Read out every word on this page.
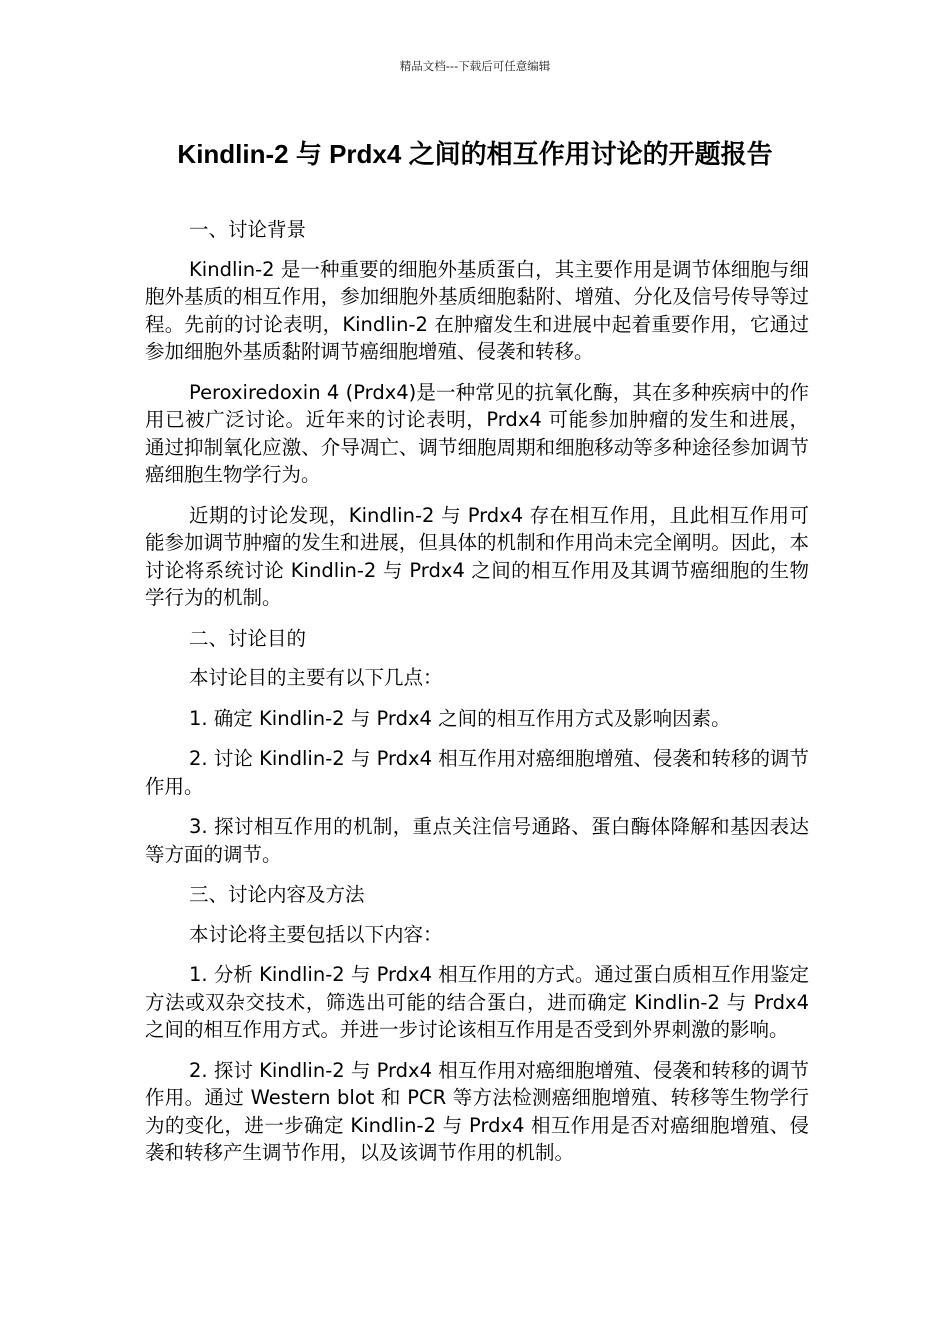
精品文档---下载后可任意编辑
Kindlin-2 与 Prdx4 之间的相互作用讨论的开题报告

一、讨论背景

Kindlin-2 是一种重要的细胞外基质蛋白，其主要作用是调节体细胞与细胞外基质的相互作用，参加细胞外基质细胞黏附、增殖、分化及信号传导等过程。先前的讨论表明，Kindlin-2 在肿瘤发生和进展中起着重要作用，它通过参加细胞外基质黏附调节癌细胞增殖、侵袭和转移。

Peroxiredoxin 4 (Prdx4)是一种常见的抗氧化酶，其在多种疾病中的作用已被广泛讨论。近年来的讨论表明，Prdx4 可能参加肿瘤的发生和进展，通过抑制氧化应激、介导凋亡、调节细胞周期和细胞移动等多种途径参加调节癌细胞生物学行为。

近期的讨论发现，Kindlin-2 与 Prdx4 存在相互作用，且此相互作用可能参加调节肿瘤的发生和进展，但具体的机制和作用尚未完全阐明。因此，本讨论将系统讨论 Kindlin-2 与 Prdx4 之间的相互作用及其调节癌细胞的生物学行为的机制。

二、讨论目的

本讨论目的主要有以下几点：

1. 确定 Kindlin-2 与 Prdx4 之间的相互作用方式及影响因素。

2. 讨论 Kindlin-2 与 Prdx4 相互作用对癌细胞增殖、侵袭和转移的调节作用。

3. 探讨相互作用的机制，重点关注信号通路、蛋白酶体降解和基因表达等方面的调节。

三、讨论内容及方法

本讨论将主要包括以下内容：

1. 分析 Kindlin-2 与 Prdx4 相互作用的方式。通过蛋白质相互作用鉴定方法或双杂交技术，筛选出可能的结合蛋白，进而确定 Kindlin-2 与 Prdx4 之间的相互作用方式。并进一步讨论该相互作用是否受到外界刺激的影响。

2. 探讨 Kindlin-2 与 Prdx4 相互作用对癌细胞增殖、侵袭和转移的调节作用。通过 Western blot 和 PCR 等方法检测癌细胞增殖、转移等生物学行为的变化，进一步确定 Kindlin-2 与 Prdx4 相互作用是否对癌细胞增殖、侵袭和转移产生调节作用，以及该调节作用的机制。
